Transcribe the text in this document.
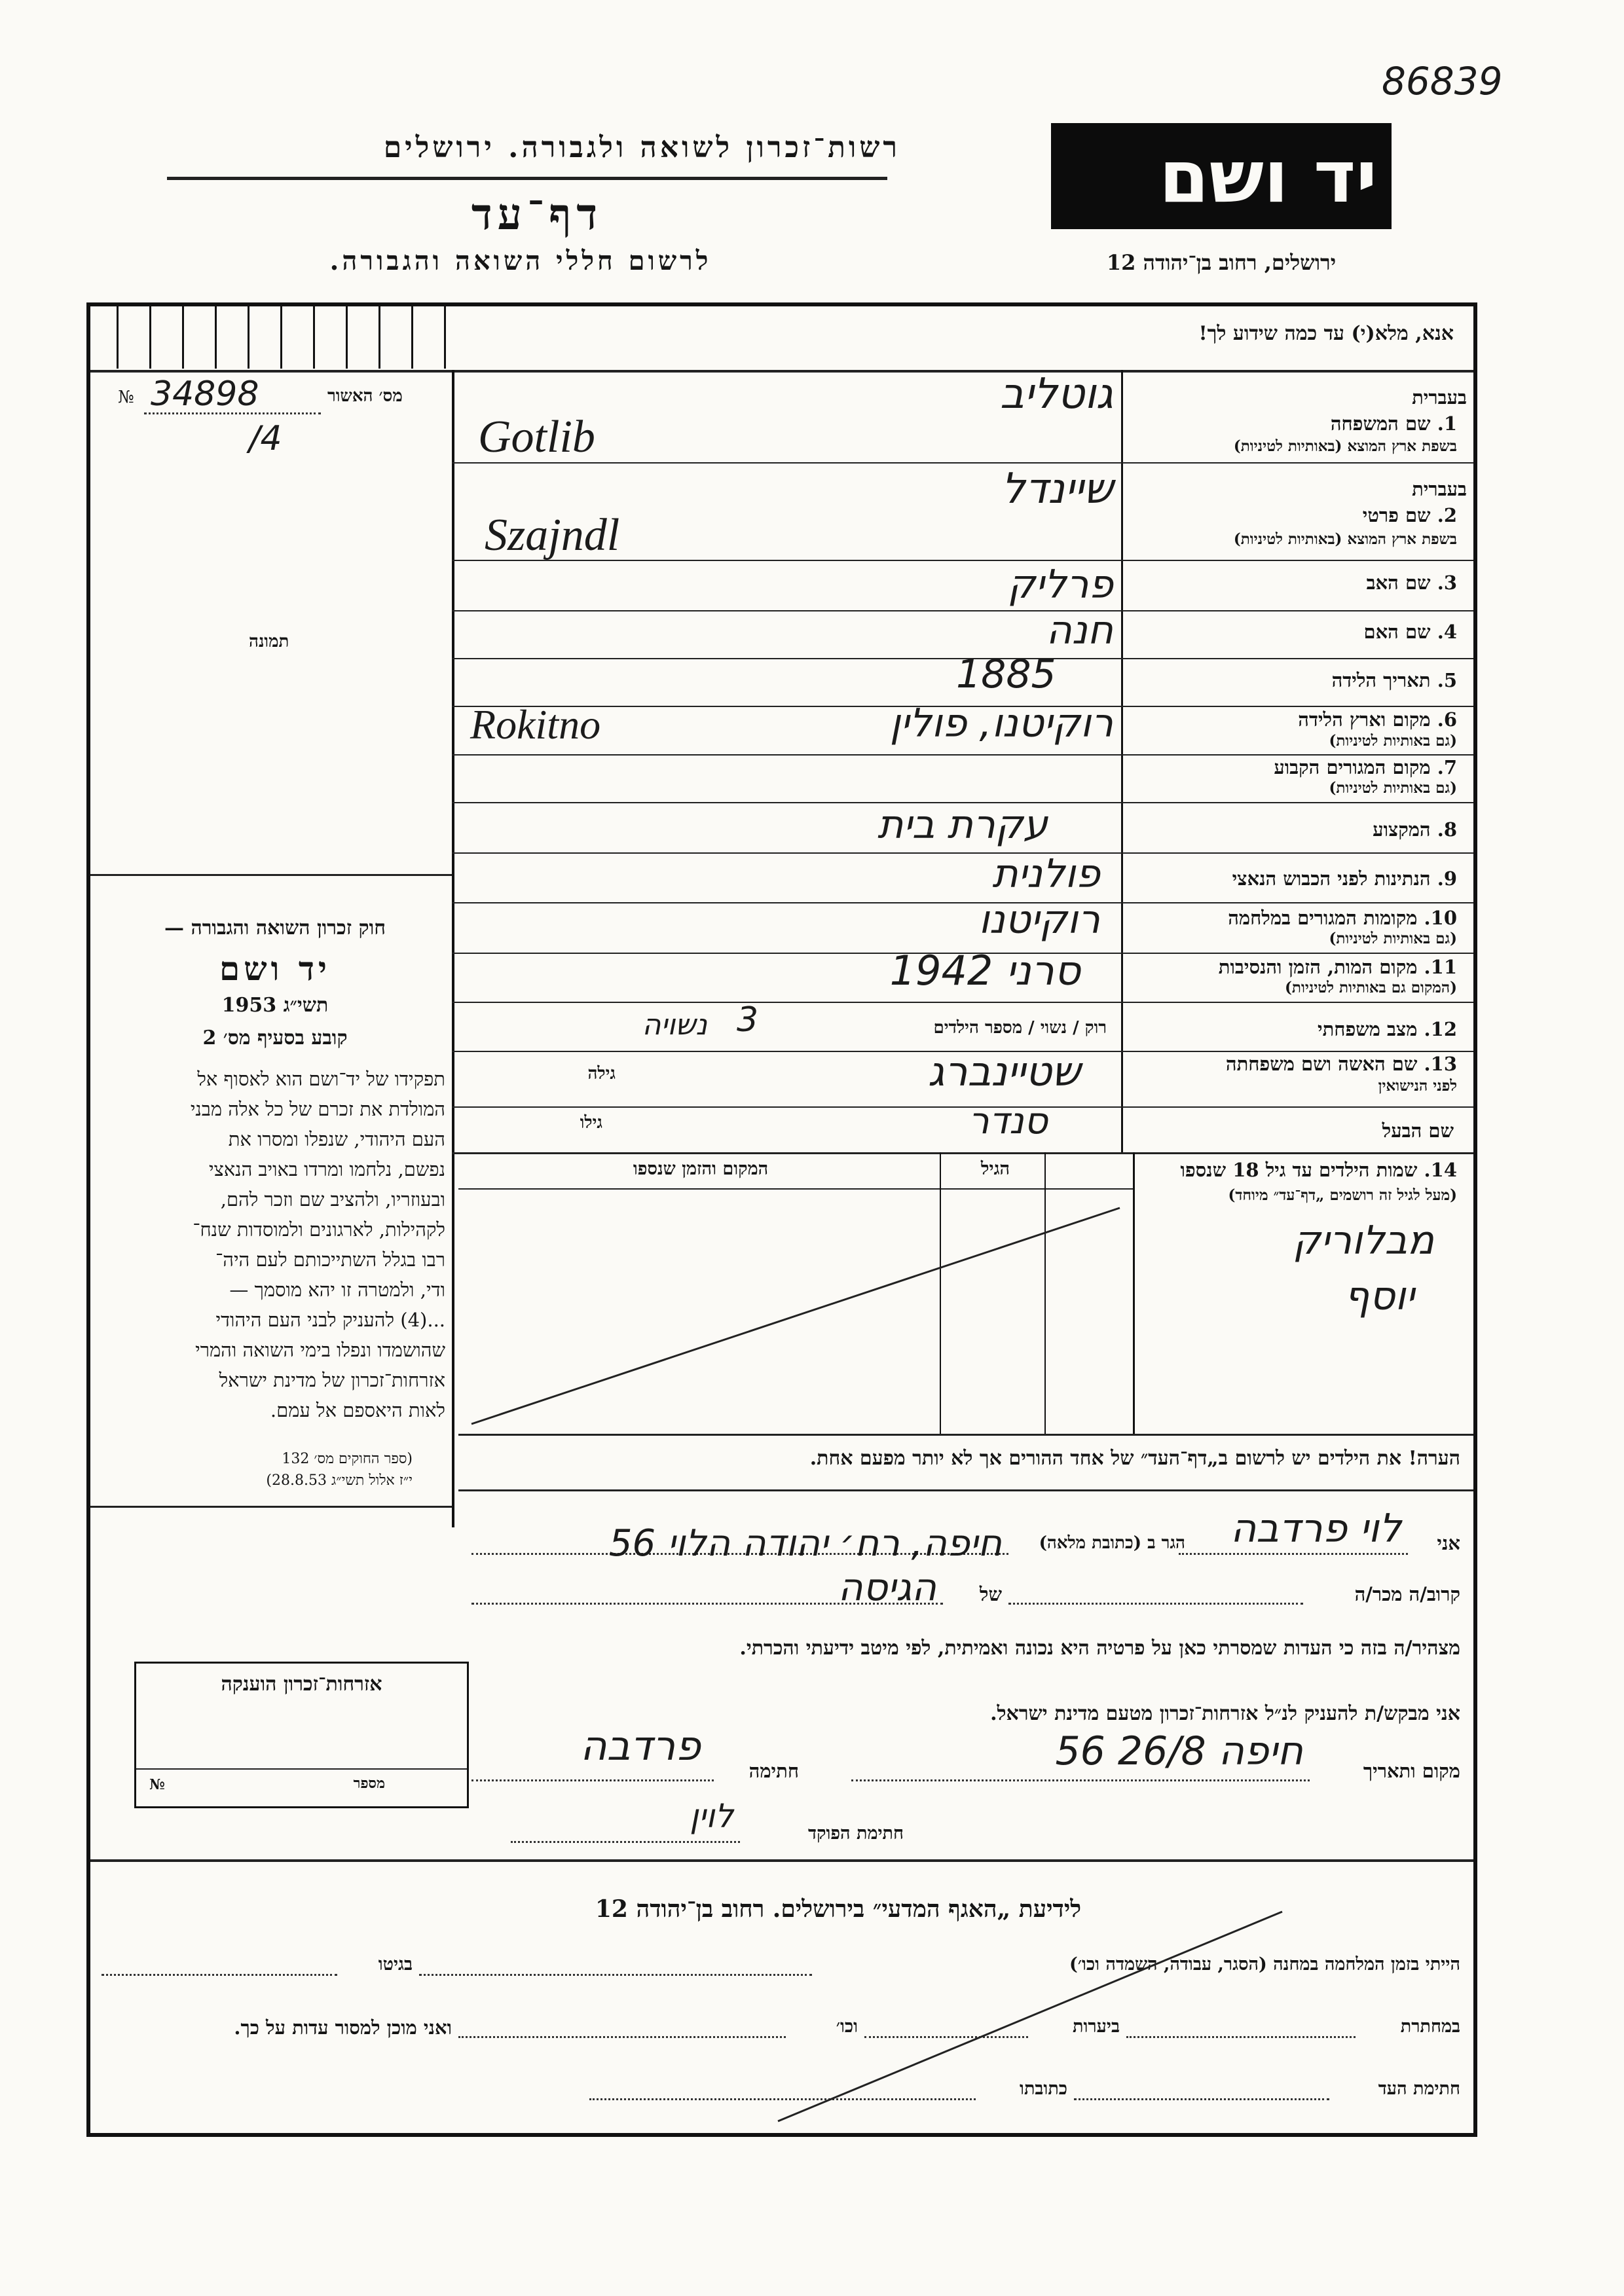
86839
רשות־זכרון לשואה ולגבורה. ירושלים
דף־עד
לרשום חללי השואה והגבורה.
יד ושם
ירושלים, רחוב בן־יהודה 12
אנא, מלא(י) עד כמה שידוע לך!
מס׳ האשור
№ 34898
/4
תמונה
בעברית
1. שם המשפחה
בשפת ארץ המוצא (באותיות לטיניות)
גוטליב
Gotlib
בעברית
2. שם פרטי
בשפת ארץ המוצא (באותיות לטיניות)
שיינדל
Szajndl
3. שם האב
פרליק
4. שם האם
חנה
5. תאריך הלידה
1885
6. מקום וארץ הלידה
(גם באותיות לטיניות)
רוקיטנו, פולין
Rokitno
7. מקום המגורים הקבוע
(גם באותיות לטיניות)
8. המקצוע
עקרת בית
9. הנתינות לפני הכבוש הנאצי
פולנית
10. מקומות המגורים במלחמה
(גם באותיות לטיניות)
רוקיטנו
11. מקום המות, הזמן והנסיבות
(המקום גם באותיות לטיניות)
סרני 1942
12. מצב משפחתי
רוק / נשוי / מספר הילדים
3
נשויה
13. שם האשה ושם משפחתה
לפני הנישואין
שטיינברג
גילה
שם הבעל
סנדר
גילו
14. שמות הילדים עד גיל 18 שנספו
(מעל לגיל זה רושמים „דף־עד״ מיוחד)
הגיל
המקום והזמן שנספו
מבלוריק
יוסף
הערה! את הילדים יש לרשום ב„דף־העד״ של אחד ההורים אך לא יותר מפעם אחת.
חוק זכרון השואה והגבורה —
יד ושם
1953 תשי״ג
קובע בסעיף מס׳ 2
תפקידו של יד־ושם הוא לאסוף אל
המולדת את זכרם של כל אלה מבני
העם היהודי, שנפלו ומסרו את
נפשם, נלחמו ומרדו באויב הנאצי
ובעוזריו, ולהציב שם וזכר להם,
לקהילות, לארגונים ולמוסדות שנח־
רבו בגלל השתייכותם לעם היה־
ודי, ולמטרה זו יהא מוסמך —
...(4) להעניק לבני העם היהודי
שהושמדו ונפלו בימי השואה והמרי
אזרחות־זכרון של מדינת ישראל
לאות היאספם אל עמם.
(ספר החוקים מס׳ 132
י״ז אלול תשי״ג 28.8.53)
אני
לוי פרדבה
הגר ב (כתובת מלאה)
חיפה, רח׳ יהודה הלוי 56
קרוב/ה מכר/ה
של
הגיסה
מצהיר/ה בזה כי העדות שמסרתי כאן על פרטיה היא נכונה ואמיתית, לפי מיטב ידיעתי והכרתי.
אני מבקש/ת להעניק לנ״ל אזרחות־זכרון מטעם מדינת ישראל.
מקום ותאריך
חיפה 26/8 56
חתימה
פרדבה
חתימת הפוקד
לוין
אזרחות־זכרון הוענקה
מספר
№
לידיעת „האגף המדעי״ בירושלים. רחוב בן־יהודה 12
הייתי בזמן המלחמה במחנה (הסגר, עבודה, השמדה וכו׳)
בגיטו
במחתרת
ביערות
וכו׳
ואני מוכן למסור עדות על כך.
חתימת העד
כתובתו
